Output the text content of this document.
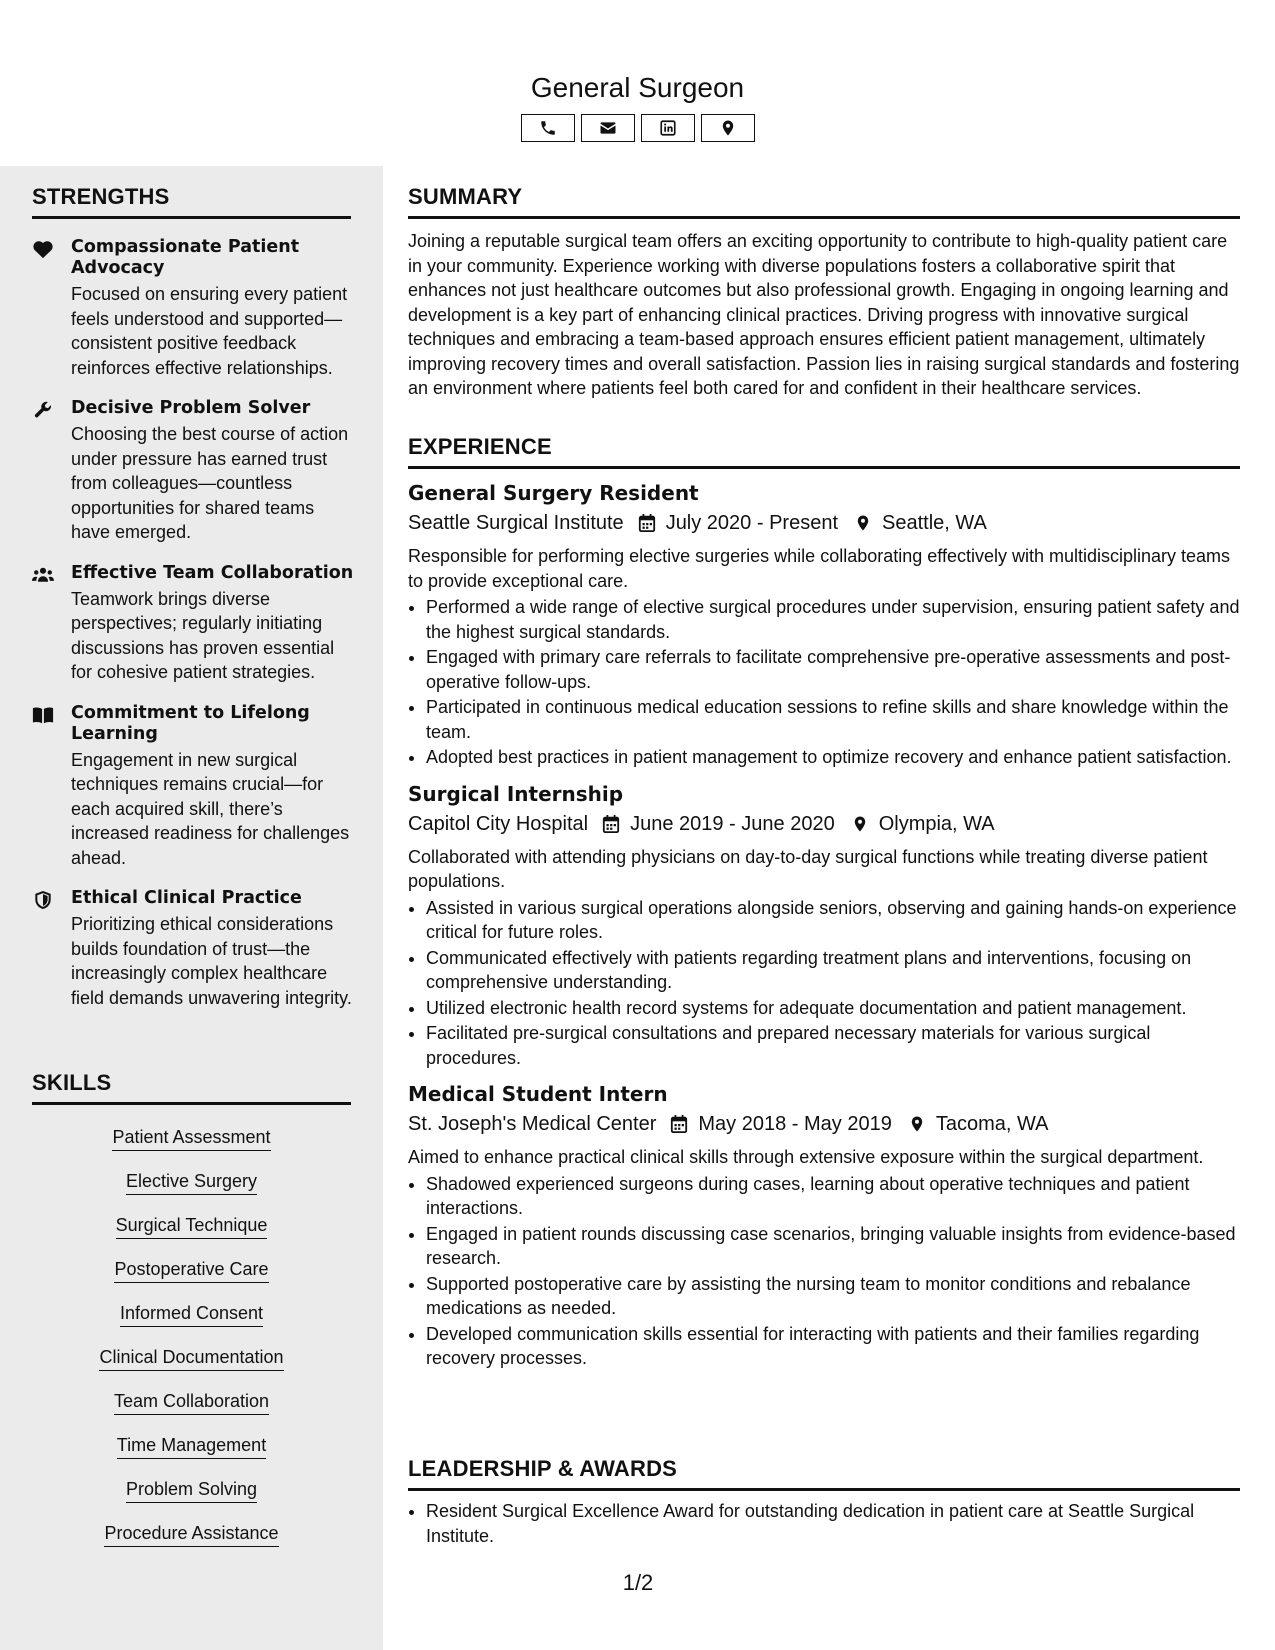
General Surgeon
STRENGTHS
Compassionate Patient Advocacy
Focused on ensuring every patient feels understood and supported—consistent positive feedback reinforces effective relationships.
Decisive Problem Solver
Choosing the best course of action under pressure has earned trust from colleagues—countless opportunities for shared teams have emerged.
Effective Team Collaboration
Teamwork brings diverse perspectives; regularly initiating discussions has proven essential for cohesive patient strategies.
Commitment to Lifelong Learning
Engagement in new surgical techniques remains crucial—for each acquired skill, there’s increased readiness for challenges ahead.
Ethical Clinical Practice
Prioritizing ethical considerations builds foundation of trust—the increasingly complex healthcare field demands unwavering integrity.
SKILLS
Patient Assessment
Elective Surgery
Surgical Technique
Postoperative Care
Informed Consent
Clinical Documentation
Team Collaboration
Time Management
Problem Solving
Procedure Assistance
SUMMARY

Joining a reputable surgical team offers an exciting opportunity to contribute to high-quality patient care in your community. Experience working with diverse populations fosters a collaborative spirit that enhances not just healthcare outcomes but also professional growth. Engaging in ongoing learning and development is a key part of enhancing clinical practices. Driving progress with innovative surgical techniques and embracing a team-based approach ensures efficient patient management, ultimately improving recovery times and overall satisfaction. Passion lies in raising surgical standards and fostering an environment where patients feel both cared for and confident in their healthcare services.

EXPERIENCE
General Surgery Resident
Seattle Surgical Institute July 2020 - Present Seattle, WA
Responsible for performing elective surgeries while collaborating effectively with multidisciplinary teams to provide exceptional care.
• Performed a wide range of elective surgical procedures under supervision, ensuring patient safety and the highest surgical standards.
• Engaged with primary care referrals to facilitate comprehensive pre-operative assessments and post-operative follow-ups.
• Participated in continuous medical education sessions to refine skills and share knowledge within the team.
• Adopted best practices in patient management to optimize recovery and enhance patient satisfaction.
Surgical Internship
Capitol City Hospital June 2019 - June 2020 Olympia, WA
Collaborated with attending physicians on day-to-day surgical functions while treating diverse patient populations.
• Assisted in various surgical operations alongside seniors, observing and gaining hands-on experience critical for future roles.
• Communicated effectively with patients regarding treatment plans and interventions, focusing on comprehensive understanding.
• Utilized electronic health record systems for adequate documentation and patient management.
• Facilitated pre-surgical consultations and prepared necessary materials for various surgical procedures.
Medical Student Intern
St. Joseph's Medical Center May 2018 - May 2019 Tacoma, WA
Aimed to enhance practical clinical skills through extensive exposure within the surgical department.
• Shadowed experienced surgeons during cases, learning about operative techniques and patient interactions.
• Engaged in patient rounds discussing case scenarios, bringing valuable insights from evidence-based research.
• Supported postoperative care by assisting the nursing team to monitor conditions and rebalance medications as needed.
• Developed communication skills essential for interacting with patients and their families regarding recovery processes.
LEADERSHIP & AWARDS
• Resident Surgical Excellence Award for outstanding dedication in patient care at Seattle Surgical Institute.
1/2
